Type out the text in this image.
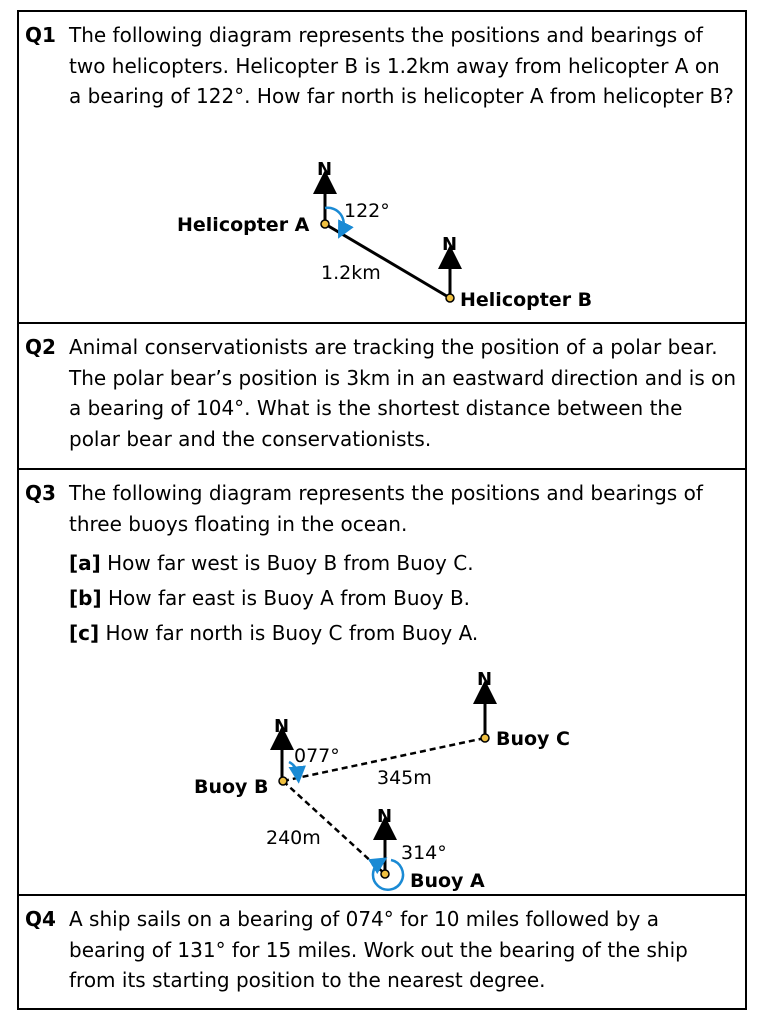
Q1 The following diagram represents the positions and bearings of two helicopters. Helicopter B is 1.2km away from helicopter A on a bearing of 122°. How far north is helicopter A from helicopter B?
N
N
Helicopter A
Helicopter B
122°
1.2km
Q2 Animal conservationists are tracking the position of a polar bear. The polar bear’s position is 3km in an eastward direction and is on a bearing of 104°. What is the shortest distance between the polar bear and the conservationists.
Q3 The following diagram represents the positions and bearings of three buoys floating in the ocean.
[a] How far west is Buoy B from Buoy C.
[b] How far east is Buoy A from Buoy B.
[c] How far north is Buoy C from Buoy A.
N
N
N
Buoy C
Buoy B
Buoy A
077°
314°
345m
240m
Q4 A ship sails on a bearing of 074° for 10 miles followed by a bearing of 131° for 15 miles. Work out the bearing of the ship from its starting position to the nearest degree.
